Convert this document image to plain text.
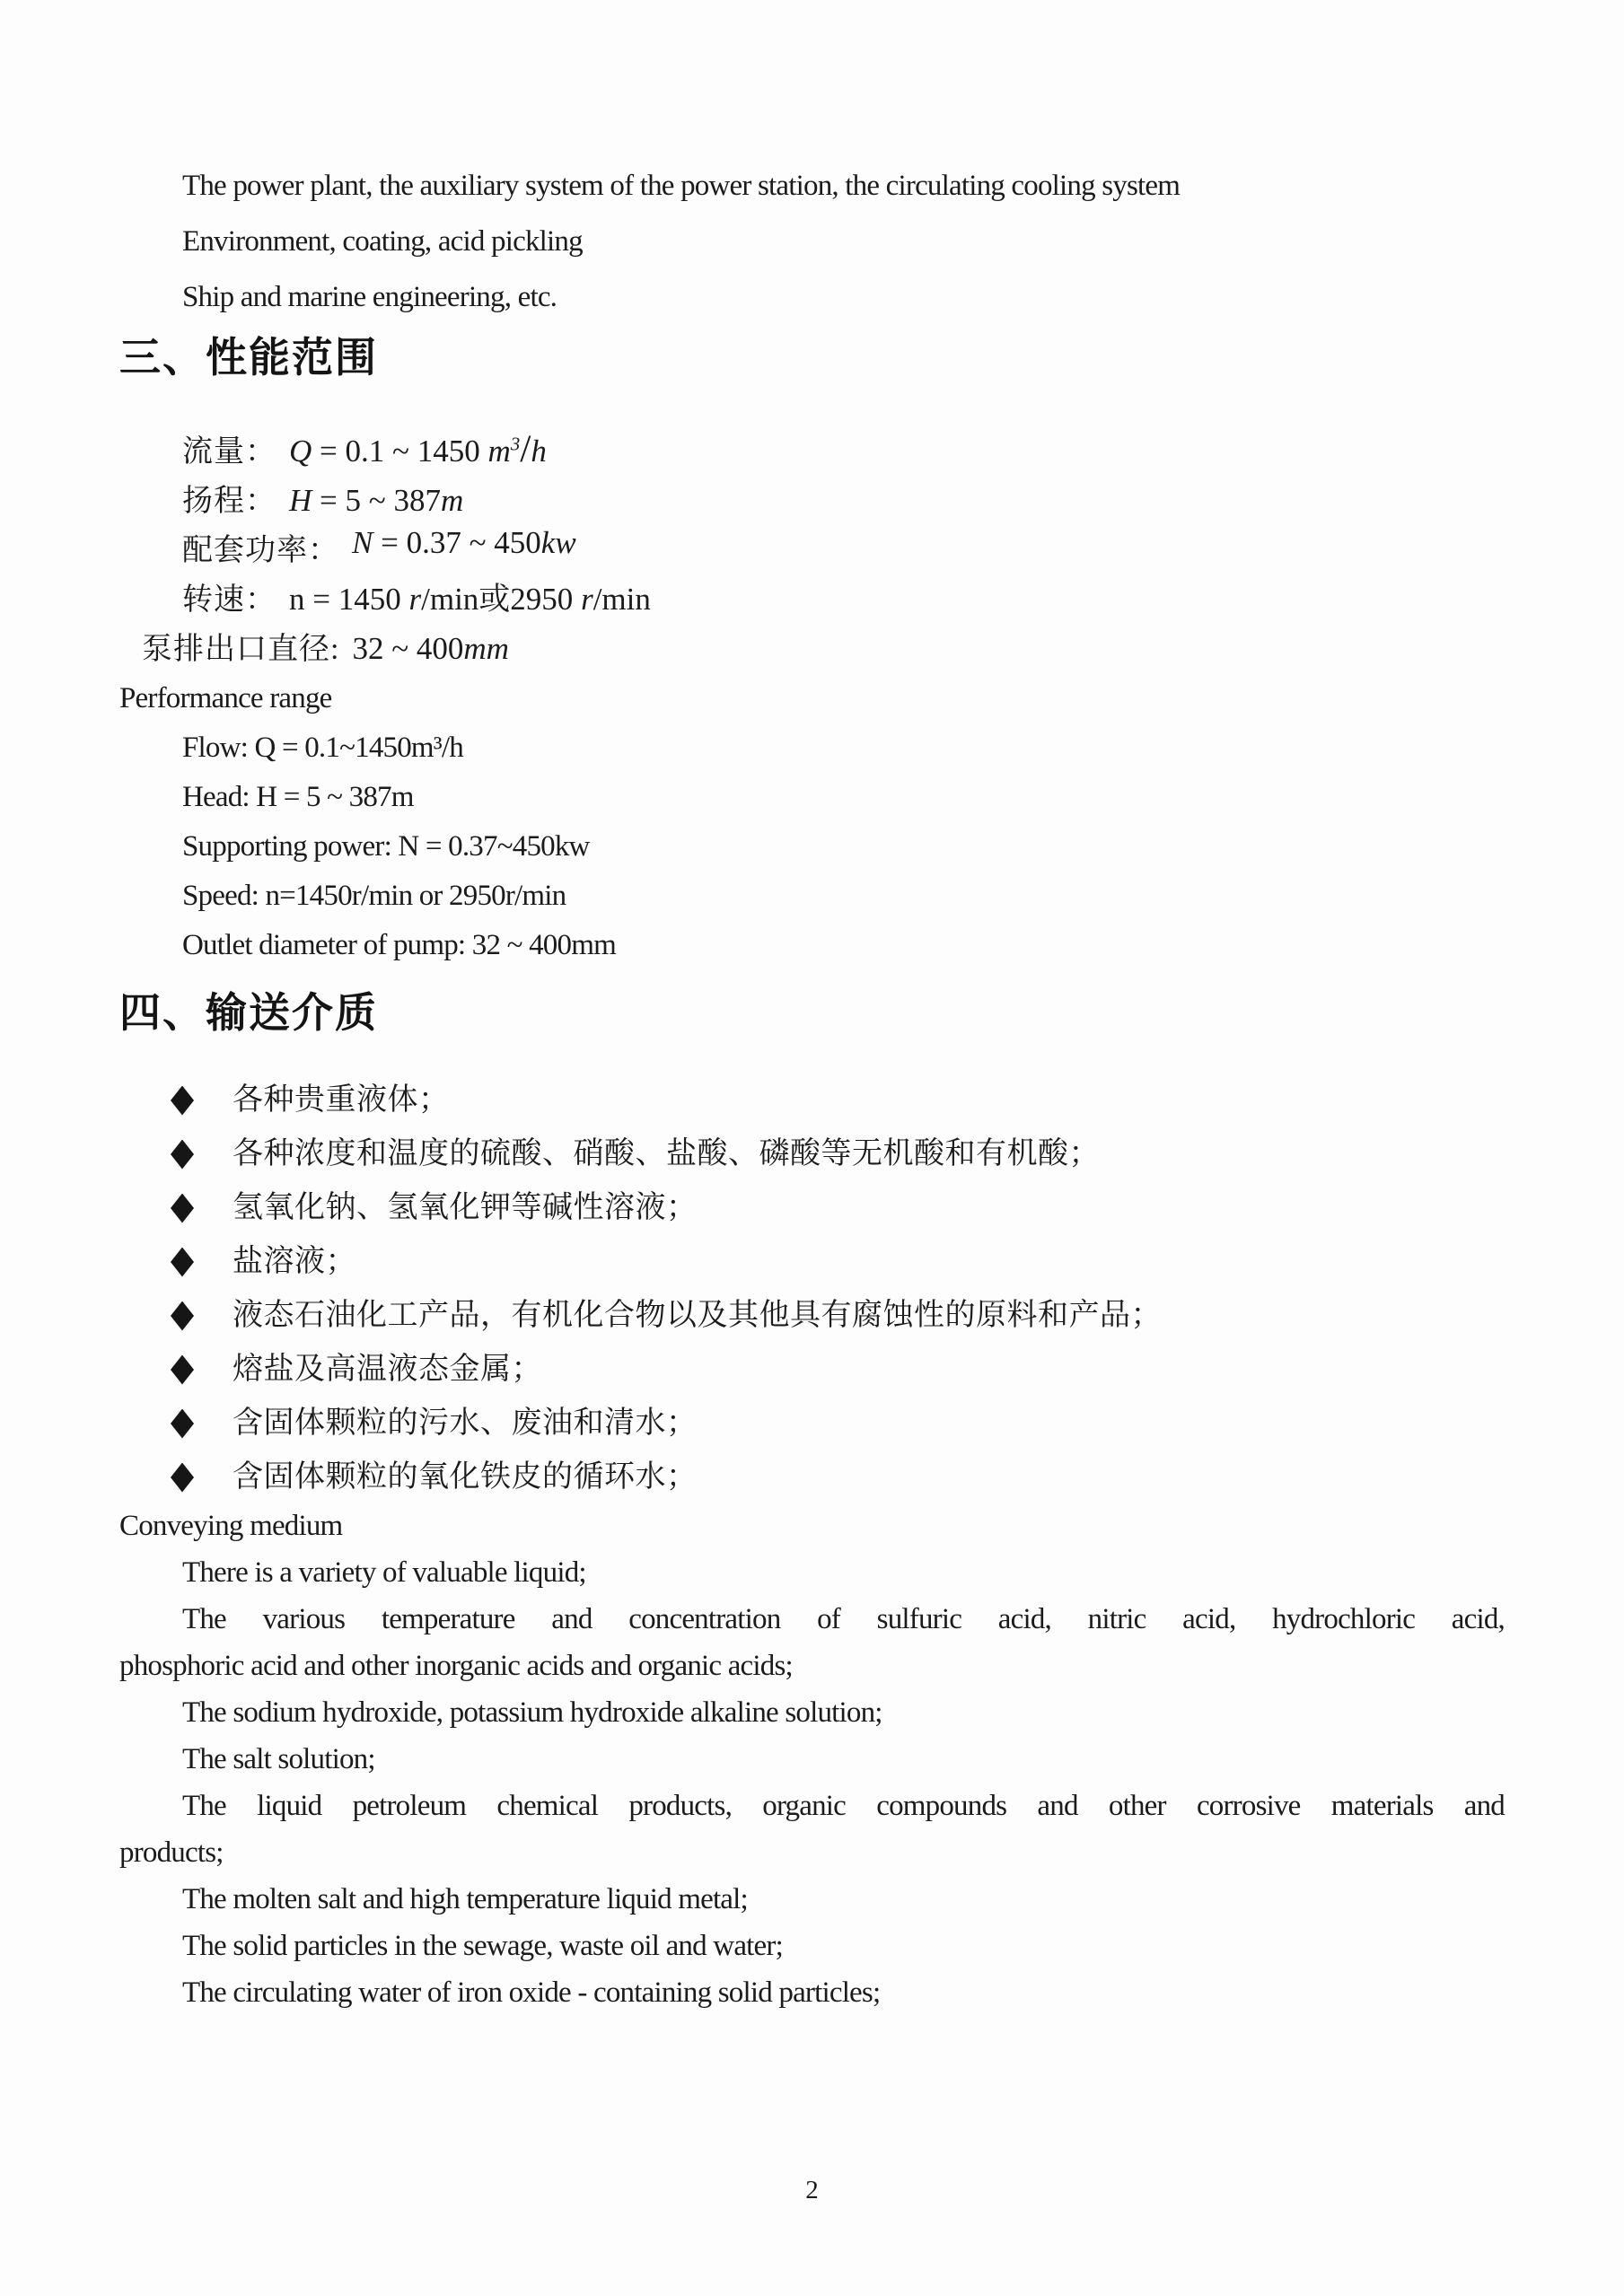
The power plant, the auxiliary system of the power station, the circulating cooling system
Environment, coating, acid pickling
Ship and marine engineering, etc.
三、性能范围
流量： Q = 0.1 ~ 1450 $m^3/h$
扬程： H = 5 ~ 387m
配套功率： N = 0.37 ~ 450kw
转速： n = 1450 r/min或2950 r/min
泵排出口直径: 32 ~ 400mm
Performance range
Flow: Q = 0.1~1450m³/h
Head: H = 5 ~ 387m
Supporting power: N = 0.37~450kw
Speed: n=1450r/min or 2950r/min
Outlet diameter of pump: 32 ~ 400mm
四、输送介质
各种贵重液体；
各种浓度和温度的硫酸、硝酸、盐酸、磷酸等无机酸和有机酸；
氢氧化钠、氢氧化钾等碱性溶液；
盐溶液；
液态石油化工产品，有机化合物以及其他具有腐蚀性的原料和产品；
熔盐及高温液态金属；
含固体颗粒的污水、废油和清水；
含固体颗粒的氧化铁皮的循环水；
Conveying medium
There is a variety of valuable liquid;
The various temperature and concentration of sulfuric acid, nitric acid, hydrochloric acid,
phosphoric acid and other inorganic acids and organic acids;
The sodium hydroxide, potassium hydroxide alkaline solution;
The salt solution;
The liquid petroleum chemical products, organic compounds and other corrosive materials and
products;
The molten salt and high temperature liquid metal;
The solid particles in the sewage, waste oil and water;
The circulating water of iron oxide - containing solid particles;
2
